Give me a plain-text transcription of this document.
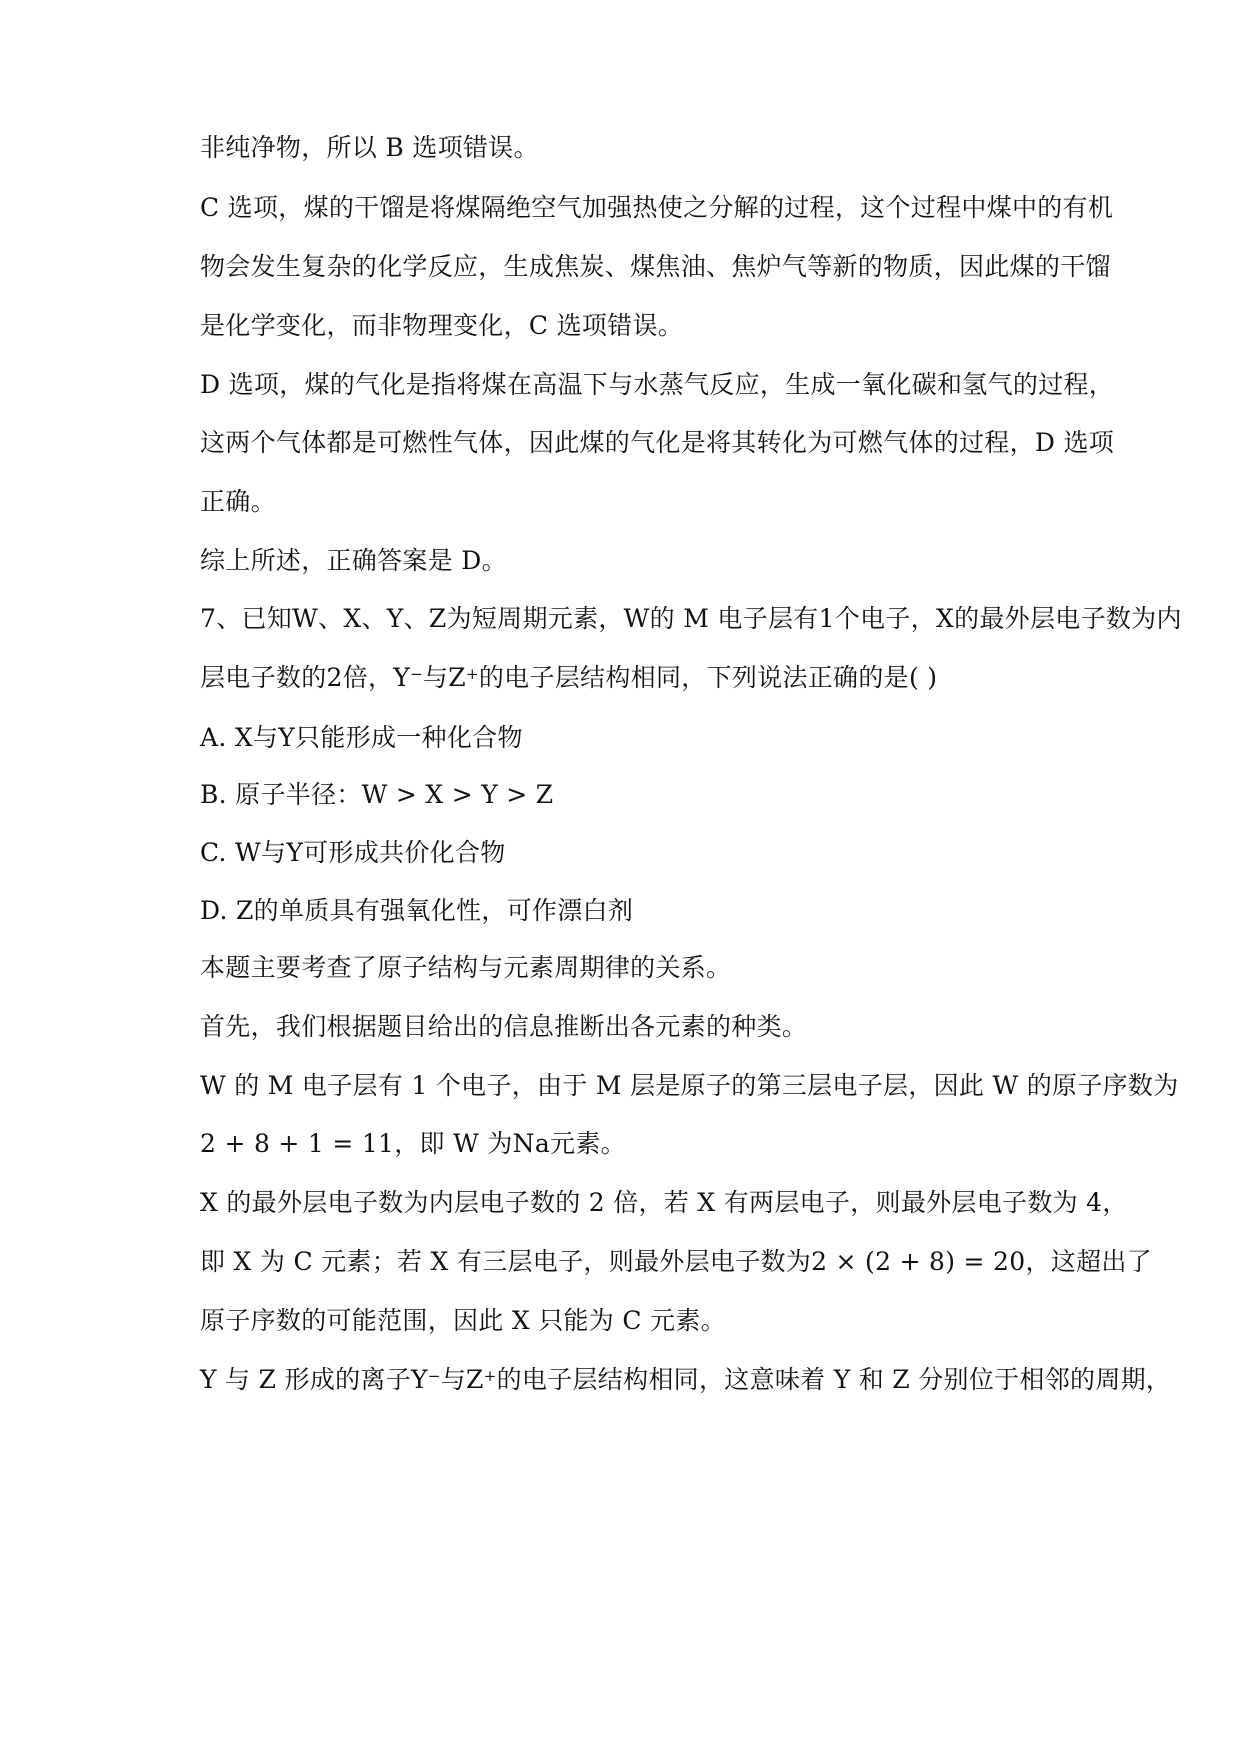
非纯净物，所以 B 选项错误。

C 选项，煤的干馏是将煤隔绝空气加强热使之分解的过程，这个过程中煤中的有机

物会发生复杂的化学反应，生成焦炭、煤焦油、焦炉气等新的物质，因此煤的干馏

是化学变化，而非物理变化，C 选项错误。

D 选项，煤的气化是指将煤在高温下与水蒸气反应，生成一氧化碳和氢气的过程，

这两个气体都是可燃性气体，因此煤的气化是将其转化为可燃气体的过程，D 选项

正确。

综上所述，正确答案是 D。

7、已知W、X、Y、Z为短周期元素，W的 M 电子层有1个电子，X的最外层电子数为内

层电子数的2倍，Y−与Z+的电子层结构相同，下列说法正确的是( )

A. X与Y只能形成一种化合物

B. 原子半径：W > X > Y > Z

C. W与Y可形成共价化合物

D. Z的单质具有强氧化性，可作漂白剂

本题主要考查了原子结构与元素周期律的关系。

首先，我们根据题目给出的信息推断出各元素的种类。

W 的 M 电子层有 1 个电子，由于 M 层是原子的第三层电子层，因此 W 的原子序数为

2 + 8 + 1 = 11，即 W 为Na元素。

X 的最外层电子数为内层电子数的 2 倍，若 X 有两层电子，则最外层电子数为 4，

即 X 为 C 元素；若 X 有三层电子，则最外层电子数为2 × (2 + 8) = 20，这超出了

原子序数的可能范围，因此 X 只能为 C 元素。

Y 与 Z 形成的离子Y−与Z+的电子层结构相同，这意味着 Y 和 Z 分别位于相邻的周期，
